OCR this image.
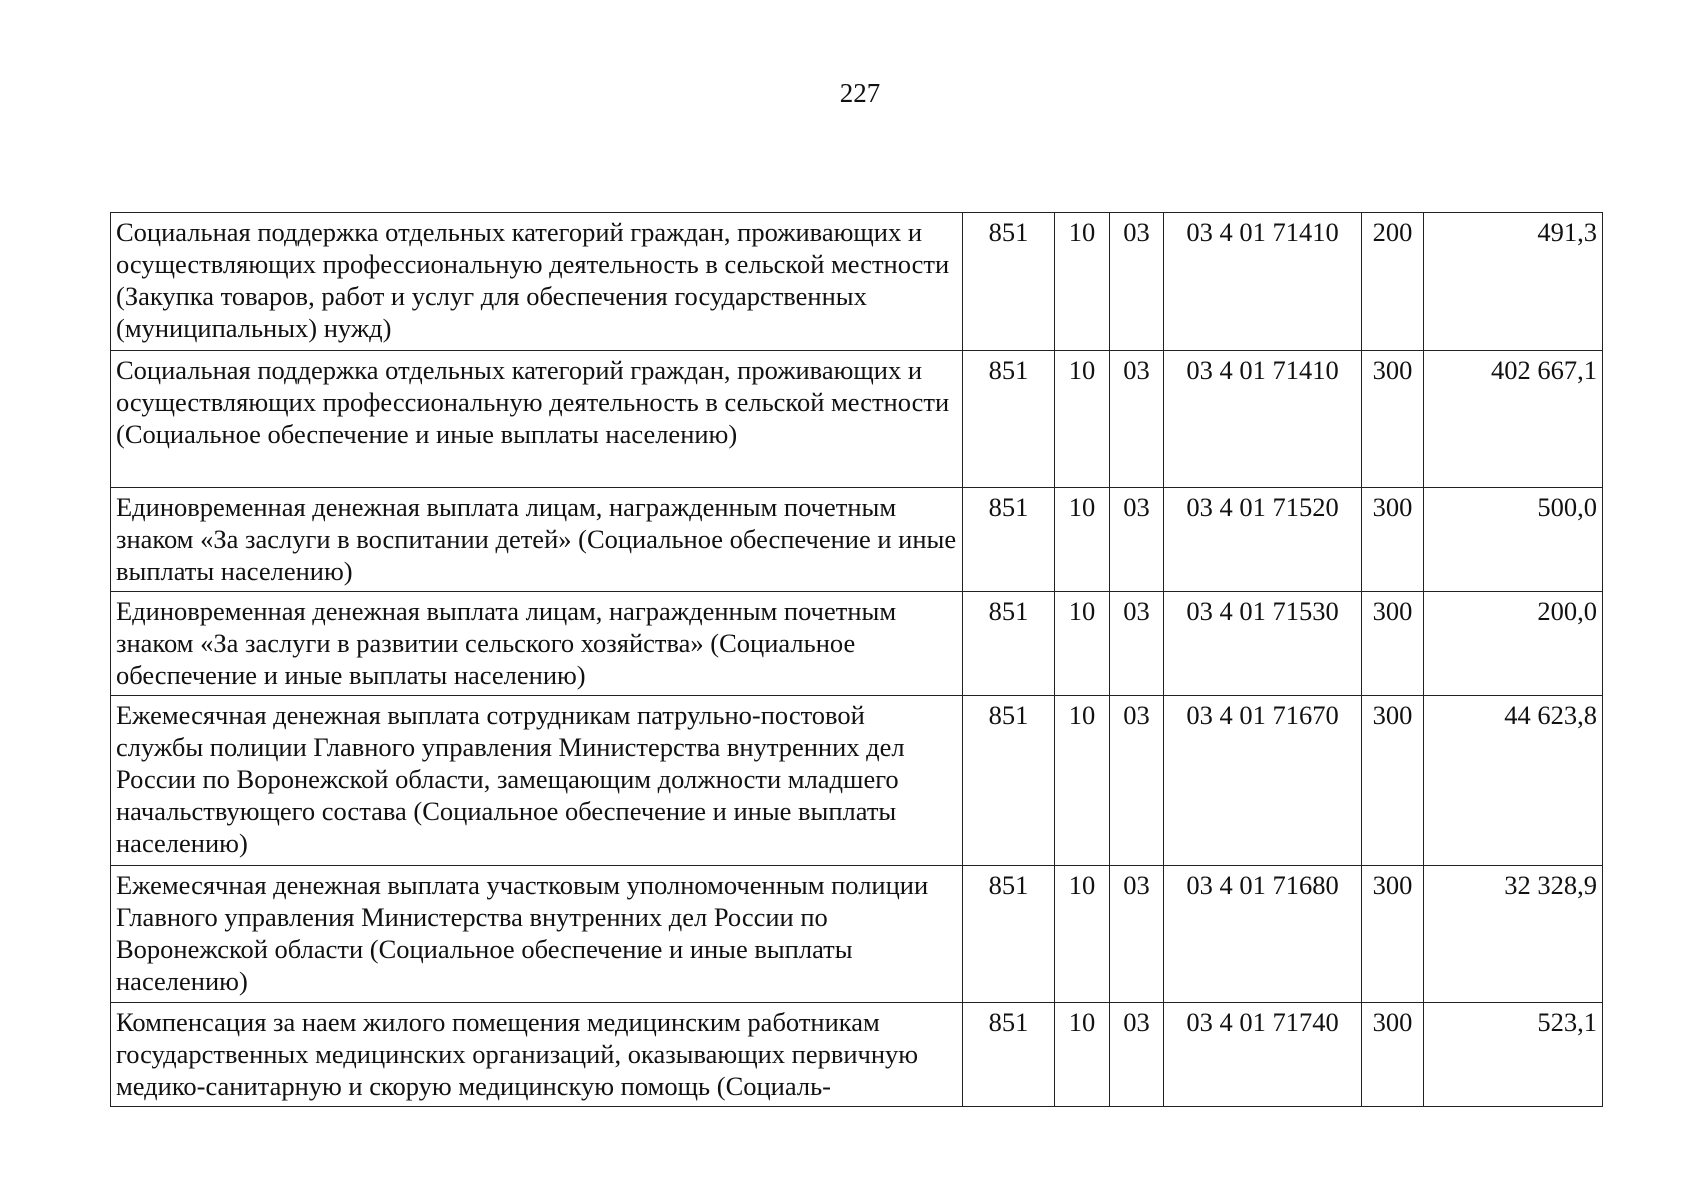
227
Социальная поддержка отдельных категорий граждан, проживающих и осуществляющих профессиональную деятельность в сельской местности (Закупка товаров, работ и услуг для обеспечения государственных (муниципальных) нужд)	851	10	03	03 4 01 71410	200	491,3
Социальная поддержка отдельных категорий граждан, проживающих и осуществляющих профессиональную деятельность в сельской местности (Социальное обеспечение и иные выплаты населению)	851	10	03	03 4 01 71410	300	402 667,1
Единовременная денежная выплата лицам, награжденным почетным знаком «За заслуги в воспитании детей» (Социальное обеспечение и иные выплаты населению)	851	10	03	03 4 01 71520	300	500,0
Единовременная денежная выплата лицам, награжденным почетным знаком «За заслуги в развитии сельского хозяйства» (Социальное обеспечение и иные выплаты населению)	851	10	03	03 4 01 71530	300	200,0
Ежемесячная денежная выплата сотрудникам патрульно-постовой службы полиции Главного управления Министерства внутренних дел России по Воронежской области, замещающим должности младшего начальствующего состава (Социальное обеспечение и иные выплаты населению)	851	10	03	03 4 01 71670	300	44 623,8
Ежемесячная денежная выплата участковым уполномоченным полиции Главного управления Министерства внутренних дел России по Воронежской области (Социальное обеспечение и иные выплаты населению)	851	10	03	03 4 01 71680	300	32 328,9
Компенсация за наем жилого помещения медицинским работникам государственных медицинских организаций, оказывающих первичную медико-санитарную и скорую медицинскую помощь (Социаль-	851	10	03	03 4 01 71740	300	523,1
